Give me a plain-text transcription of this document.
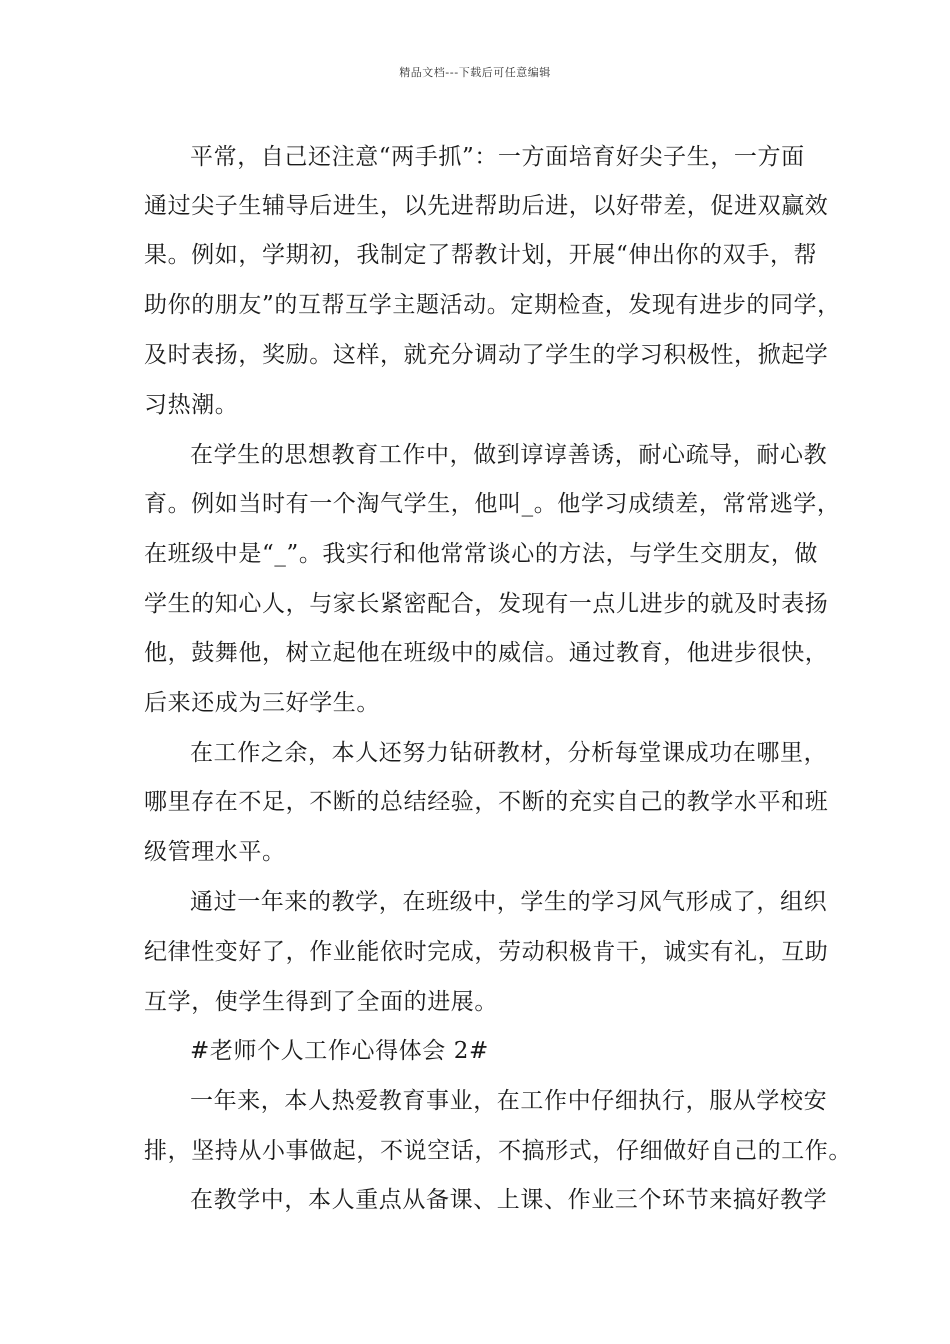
精品文档---下载后可任意编辑
平常，自己还注意“两手抓”：一方面培育好尖子生，一方面
通过尖子生辅导后进生，以先进帮助后进，以好带差，促进双赢效
果。例如，学期初，我制定了帮教计划，开展“伸出你的双手，帮
助你的朋友”的互帮互学主题活动。定期检查，发现有进步的同学，
及时表扬，奖励。这样，就充分调动了学生的学习积极性，掀起学
习热潮。
在学生的思想教育工作中，做到谆谆善诱，耐心疏导，耐心教
育。例如当时有一个淘气学生，他叫_。他学习成绩差，常常逃学，
在班级中是“_”。我实行和他常常谈心的方法，与学生交朋友，做
学生的知心人，与家长紧密配合，发现有一点儿进步的就及时表扬
他，鼓舞他，树立起他在班级中的威信。通过教育，他进步很快，
后来还成为三好学生。
在工作之余，本人还努力钻研教材，分析每堂课成功在哪里，
哪里存在不足，不断的总结经验，不断的充实自己的教学水平和班
级管理水平。
通过一年来的教学，在班级中，学生的学习风气形成了，组织
纪律性变好了，作业能依时完成，劳动积极肯干，诚实有礼，互助
互学，使学生得到了全面的进展。
#老师个人工作心得体会 2#
一年来，本人热爱教育事业，在工作中仔细执行，服从学校安
排，坚持从小事做起，不说空话，不搞形式，仔细做好自己的工作。
在教学中，本人重点从备课、上课、作业三个环节来搞好教学
